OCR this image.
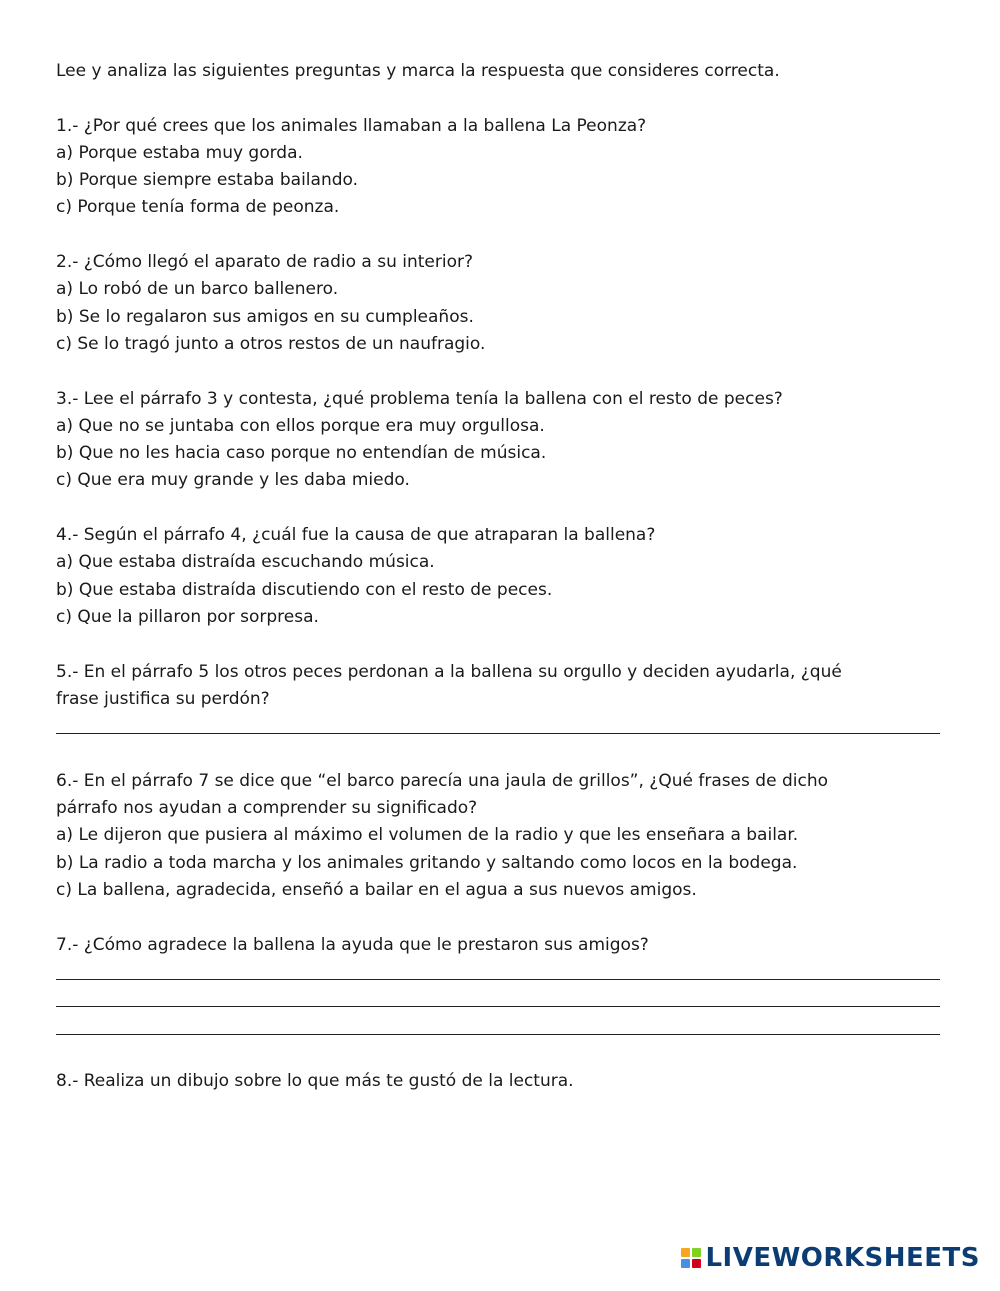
Lee y analiza las siguientes preguntas y marca la respuesta que consideres correcta.
1.- ¿Por qué crees que los animales llamaban a la ballena La Peonza?
a) Porque estaba muy gorda.
b) Porque siempre estaba bailando.
c) Porque tenía forma de peonza.
2.- ¿Cómo llegó el aparato de radio a su interior?
a) Lo robó de un barco ballenero.
b) Se lo regalaron sus amigos en su cumpleaños.
c) Se lo tragó junto a otros restos de un naufragio.
3.- Lee el párrafo 3 y contesta, ¿qué problema tenía la ballena con el resto de peces?
a) Que no se juntaba con ellos porque era muy orgullosa.
b) Que no les hacia caso porque no entendían de música.
c) Que era muy grande y les daba miedo.
4.- Según el párrafo 4, ¿cuál fue la causa de que atraparan la ballena?
a) Que estaba distraída escuchando música.
b) Que estaba distraída discutiendo con el resto de peces.
c) Que la pillaron por sorpresa.
5.- En el párrafo 5 los otros peces perdonan a la ballena su orgullo y deciden ayudarla, ¿qué
frase justifica su perdón?
6.- En el párrafo 7 se dice que “el barco parecía una jaula de grillos”, ¿Qué frases de dicho
párrafo nos ayudan a comprender su significado?
a) Le dijeron que pusiera al máximo el volumen de la radio y que les enseñara a bailar.
b) La radio a toda marcha y los animales gritando y saltando como locos en la bodega.
c) La ballena, agradecida, enseñó a bailar en el agua a sus nuevos amigos.
7.- ¿Cómo agradece la ballena la ayuda que le prestaron sus amigos?
8.- Realiza un dibujo sobre lo que más te gustó de la lectura.
LIVEWORKSHEETS
